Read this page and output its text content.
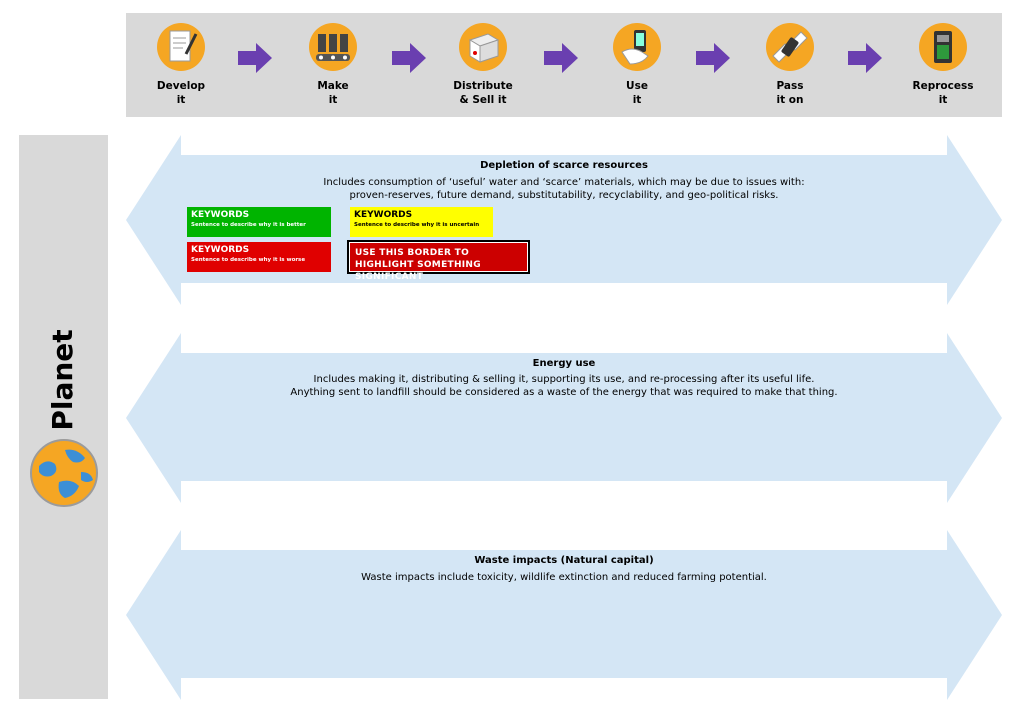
Develop
it
Make
it
Distribute
& Sell it
Use
it
Pass
it on
Reprocess
it
Planet
Depletion of scarce resources
Includes consumption of ‘useful’ water and ‘scarce’ materials, which may be due to issues with:
proven-reserves, future demand, substitutability, recyclability, and geo-political risks.
Energy use
Includes making it, distributing & selling it, supporting its use, and re-processing after its useful life.
Anything sent to landfill should be considered as a waste of the energy that was required to make that thing.
Waste impacts (Natural capital)
Waste impacts include toxicity, wildlife extinction and reduced farming potential.
KEYWORDS
Sentence to describe why it is better
KEYWORDS
Sentence to describe why it is uncertain
KEYWORDS
Sentence to describe why it is worse
USE THIS BORDER TO HIGHLIGHT SOMETHING SIGNIFICANT
